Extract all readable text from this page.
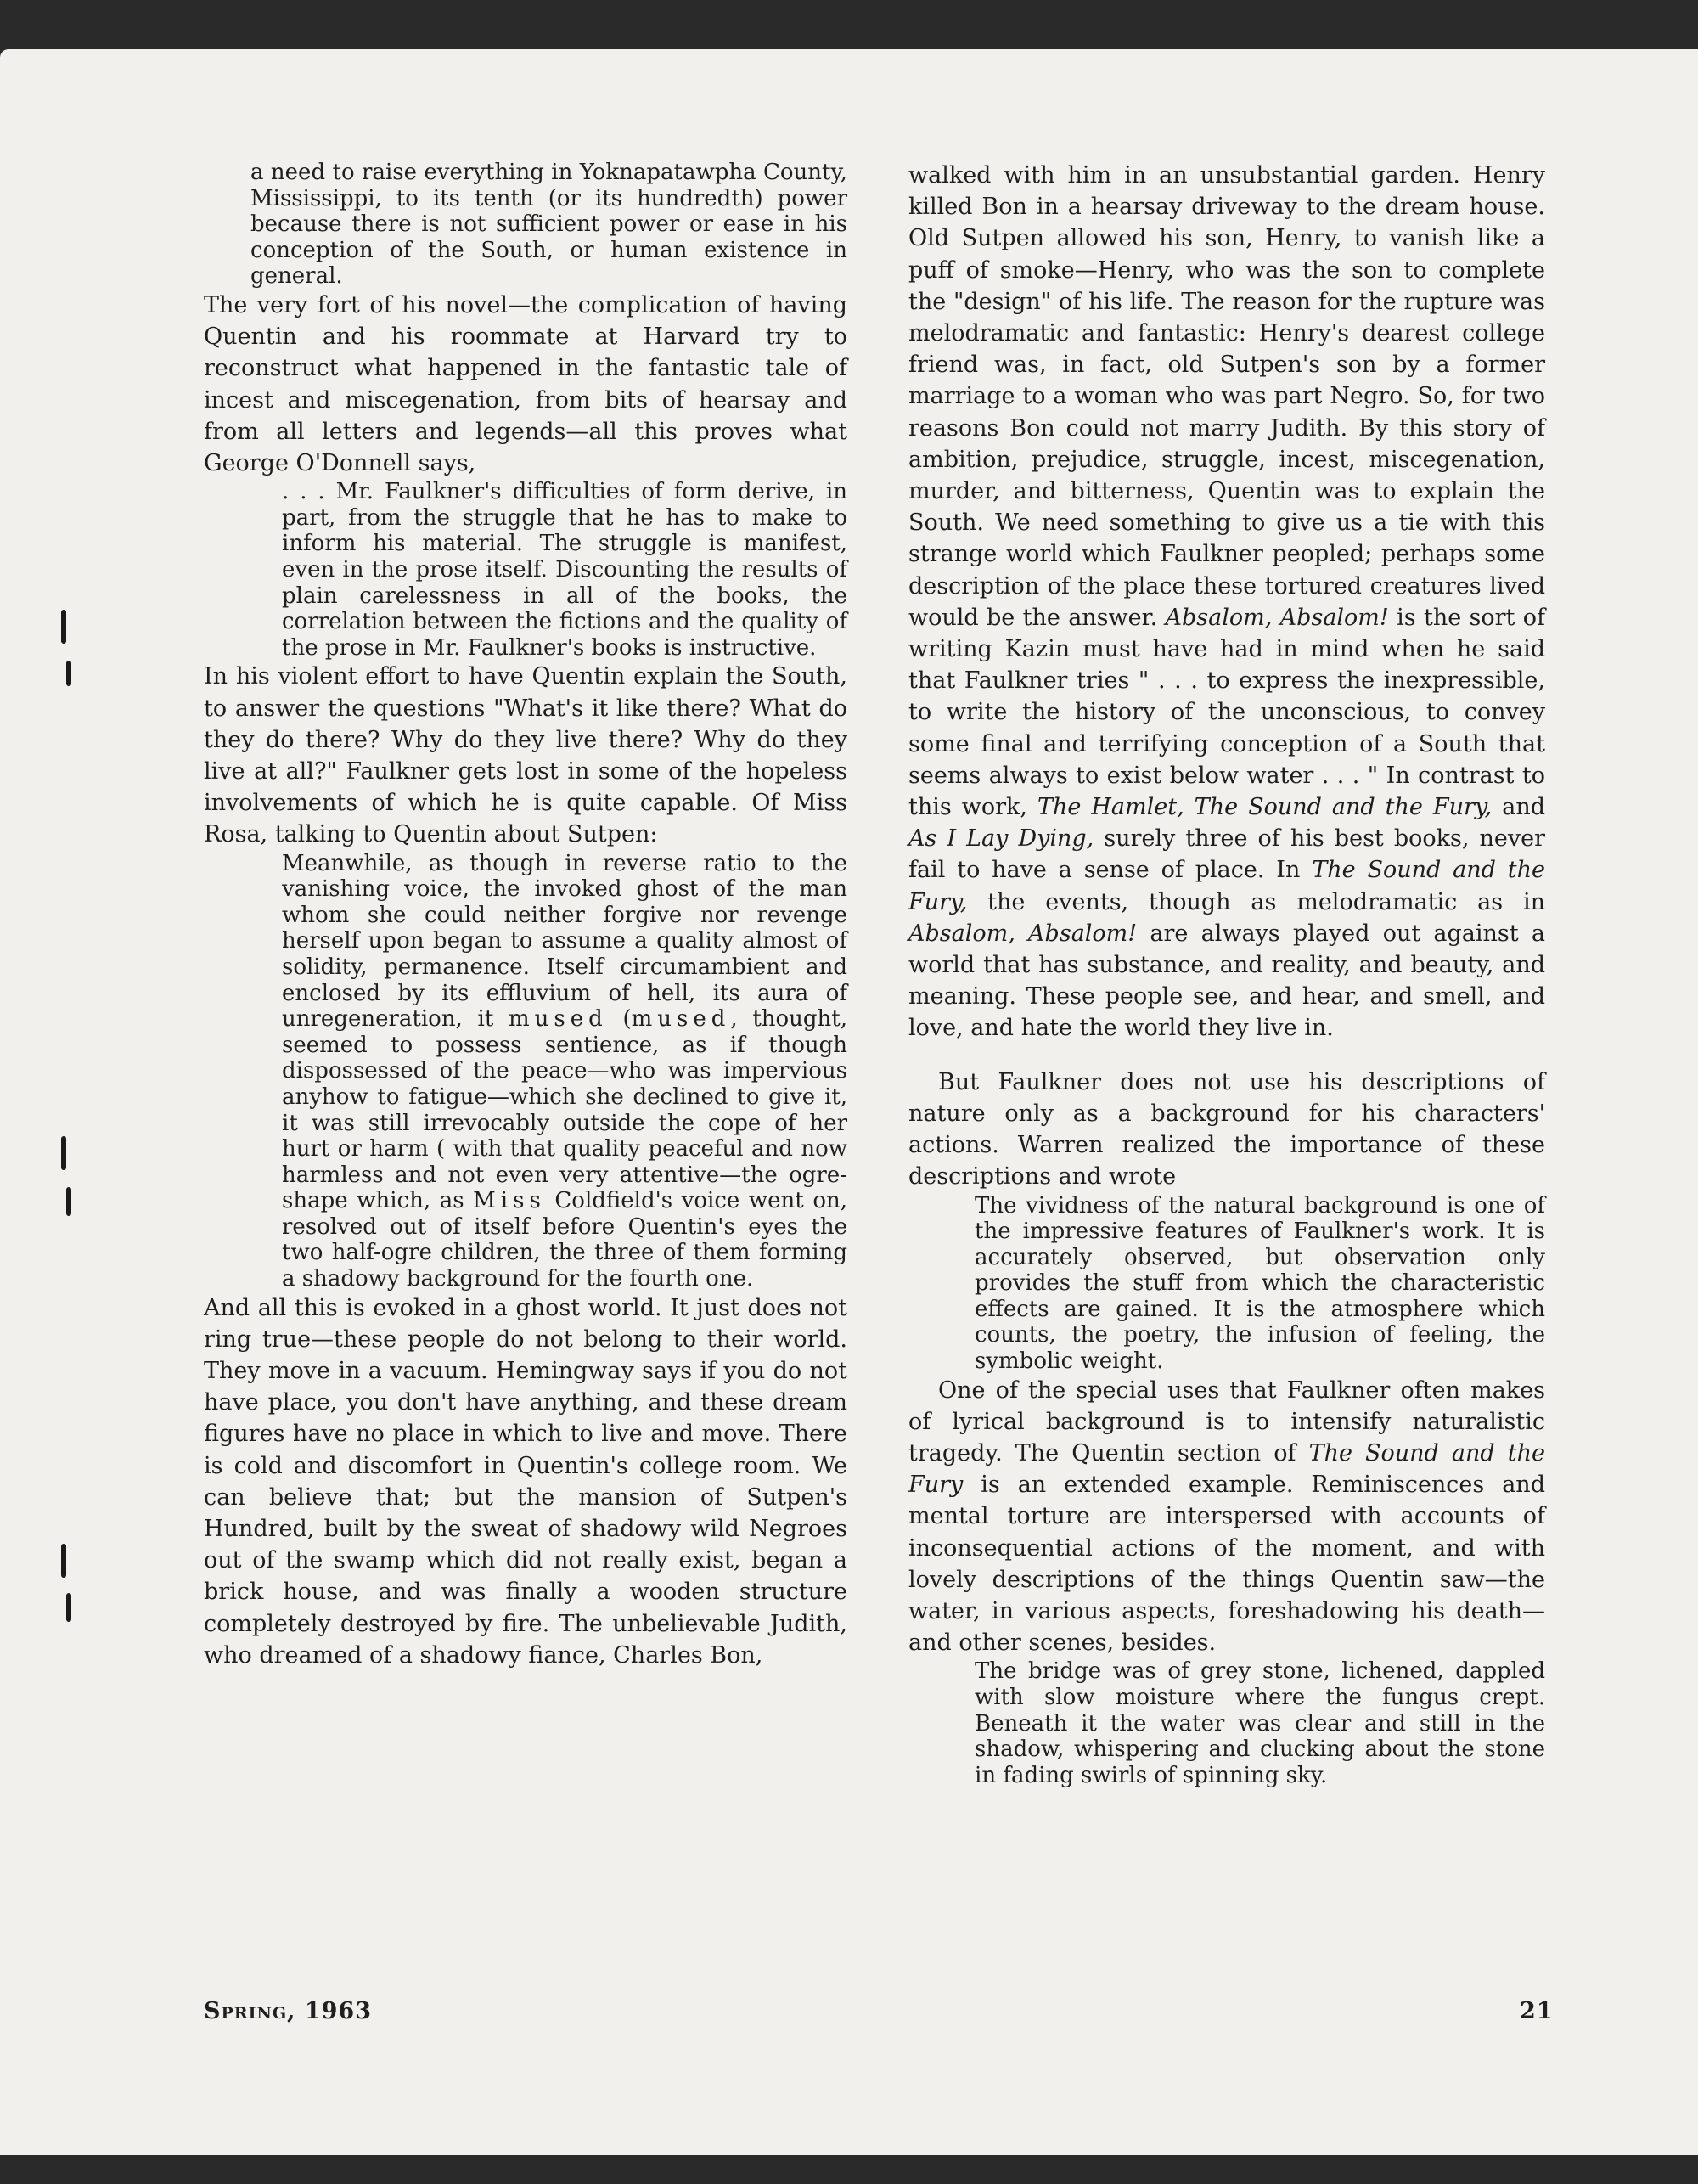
a need to raise everything in Yoknapatawpha County, Mississippi, to its tenth (or its hundredth) power because there is not sufficient power or ease in his conception of the South, or human existence in general.

The very fort of his novel—the complication of having Quentin and his roommate at Harvard try to reconstruct what happened in the fantastic tale of incest and miscegenation, from bits of hearsay and from all letters and legends—all this proves what George O'Donnell says,

. . . Mr. Faulkner's difficulties of form derive, in part, from the struggle that he has to make to inform his material. The struggle is manifest, even in the prose itself. Discounting the results of plain carelessness in all of the books, the correlation between the fictions and the quality of the prose in Mr. Faulkner's books is instructive.

In his violent effort to have Quentin explain the South, to answer the questions "What's it like there? What do they do there? Why do they live there? Why do they live at all?" Faulkner gets lost in some of the hopeless involvements of which he is quite capable. Of Miss Rosa, talking to Quentin about Sutpen:

Meanwhile, as though in reverse ratio to the vanishing voice, the invoked ghost of the man whom she could neither forgive nor revenge herself upon began to assume a quality almost of solidity, permanence. Itself circumambient and enclosed by its effluvium of hell, its aura of unregeneration, it mused (mused, thought, seemed to possess sentience, as if though dispossessed of the peace—who was impervious anyhow to fatigue—which she declined to give it, it was still irrevocably outside the cope of her hurt or harm ( with that quality peaceful and now harmless and not even very attentive—the ogre-shape which, as Miss Coldfield's voice went on, resolved out of itself before Quentin's eyes the two half-ogre children, the three of them forming a shadowy background for the fourth one.

And all this is evoked in a ghost world. It just does not ring true—these people do not belong to their world. They move in a vacuum. Hemingway says if you do not have place, you don't have anything, and these dream figures have no place in which to live and move. There is cold and discomfort in Quentin's college room. We can believe that; but the mansion of Sutpen's Hundred, built by the sweat of shadowy wild Negroes out of the swamp which did not really exist, began a brick house, and was finally a wooden structure completely destroyed by fire. The unbelievable Judith, who dreamed of a shadowy fiance, Charles Bon,

walked with him in an unsubstantial garden. Henry killed Bon in a hearsay driveway to the dream house. Old Sutpen allowed his son, Henry, to vanish like a puff of smoke—Henry, who was the son to complete the "design" of his life. The reason for the rupture was melodramatic and fantastic: Henry's dearest college friend was, in fact, old Sutpen's son by a former marriage to a woman who was part Negro. So, for two reasons Bon could not marry Judith. By this story of ambition, prejudice, struggle, incest, miscegenation, murder, and bitterness, Quentin was to explain the South. We need something to give us a tie with this strange world which Faulkner peopled; perhaps some description of the place these tortured creatures lived would be the answer. Absalom, Absalom! is the sort of writing Kazin must have had in mind when he said that Faulkner tries " . . . to express the inexpressible, to write the history of the unconscious, to convey some final and terrifying conception of a South that seems always to exist below water . . . " In contrast to this work, The Hamlet, The Sound and the Fury, and As I Lay Dying, surely three of his best books, never fail to have a sense of place. In The Sound and the Fury, the events, though as melodramatic as in Absalom, Absalom! are always played out against a world that has substance, and reality, and beauty, and meaning. These people see, and hear, and smell, and love, and hate the world they live in.

But Faulkner does not use his descriptions of nature only as a background for his characters' actions. Warren realized the importance of these descriptions and wrote

The vividness of the natural background is one of the impressive features of Faulkner's work. It is accurately observed, but observation only provides the stuff from which the characteristic effects are gained. It is the atmosphere which counts, the poetry, the infusion of feeling, the symbolic weight.

One of the special uses that Faulkner often makes of lyrical background is to intensify naturalistic tragedy. The Quentin section of The Sound and the Fury is an extended example. Reminiscences and mental torture are interspersed with accounts of inconsequential actions of the moment, and with lovely descriptions of the things Quentin saw—the water, in various aspects, foreshadowing his death—and other scenes, besides.

The bridge was of grey stone, lichened, dappled with slow moisture where the fungus crept. Beneath it the water was clear and still in the shadow, whispering and clucking about the stone in fading swirls of spinning sky.

Spring, 1963	21
